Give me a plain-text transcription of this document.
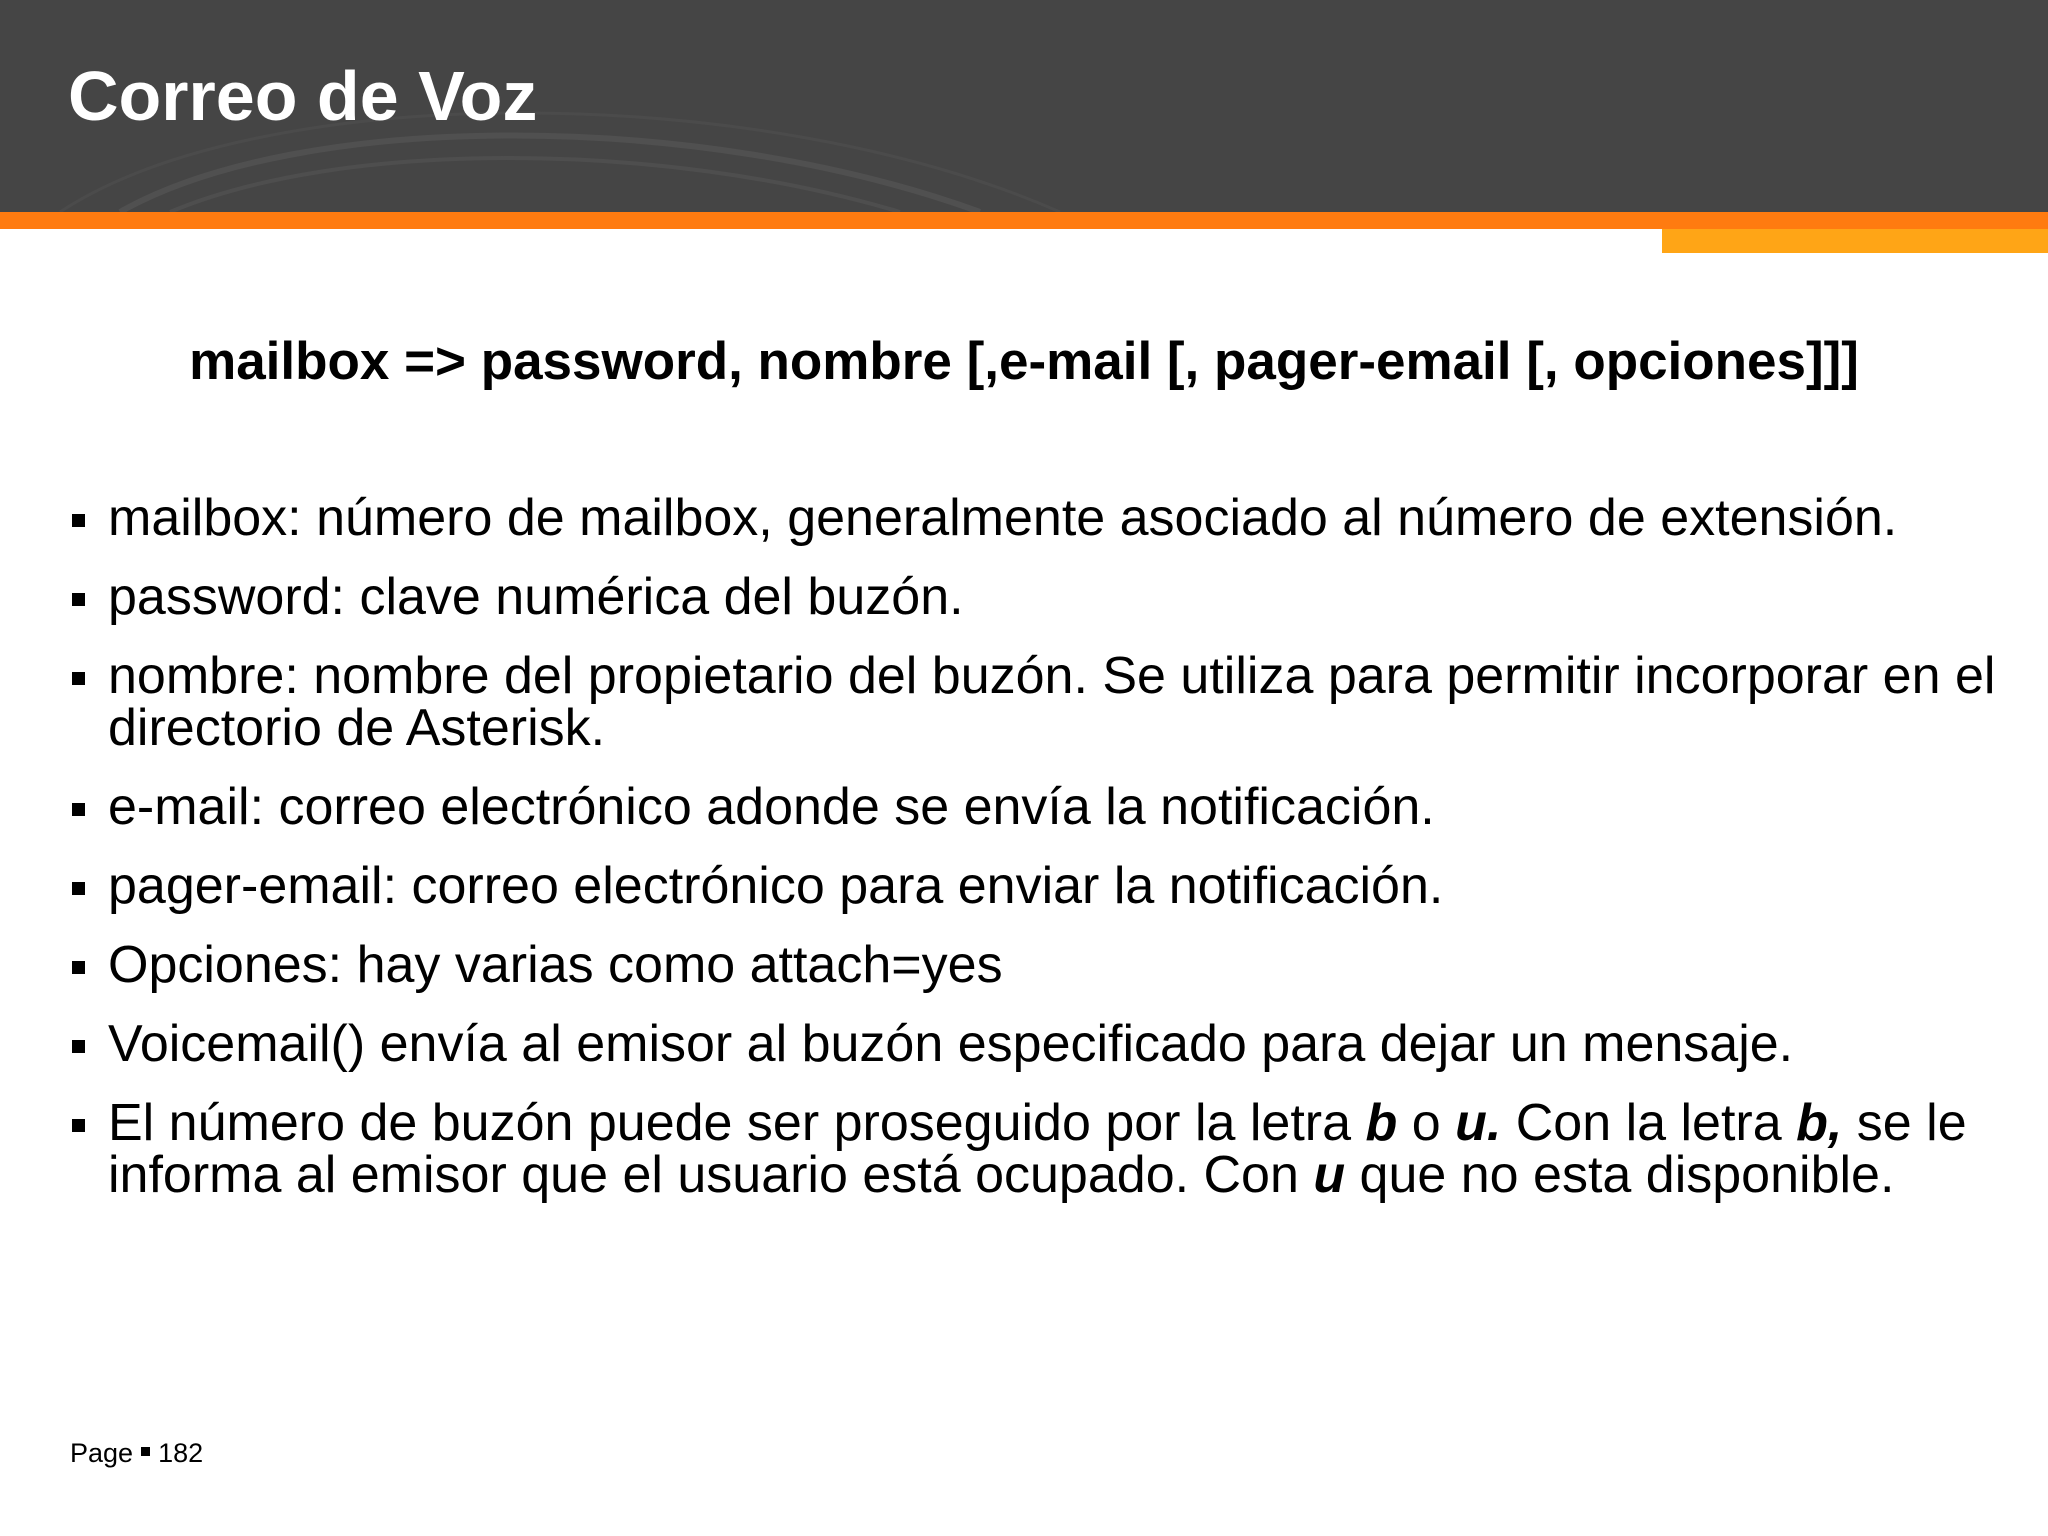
Correo de Voz

mailbox => password, nombre [,e-mail [, pager-email [, opciones]]]

mailbox: número de mailbox, generalmente asociado al número de extensión.
password: clave numérica del buzón.
nombre: nombre del propietario del buzón. Se utiliza para permitir incorporar en el directorio de Asterisk.
e-mail: correo electrónico adonde se envía la notificación.
pager-email: correo electrónico para enviar la notificación.
Opciones: hay varias como attach=yes
Voicemail() envía al emisor al buzón especificado para dejar un mensaje.
El número de buzón puede ser proseguido por la letra b o u. Con la letra b, se le informa al emisor que el usuario está ocupado. Con u que no esta disponible.
Page 182
